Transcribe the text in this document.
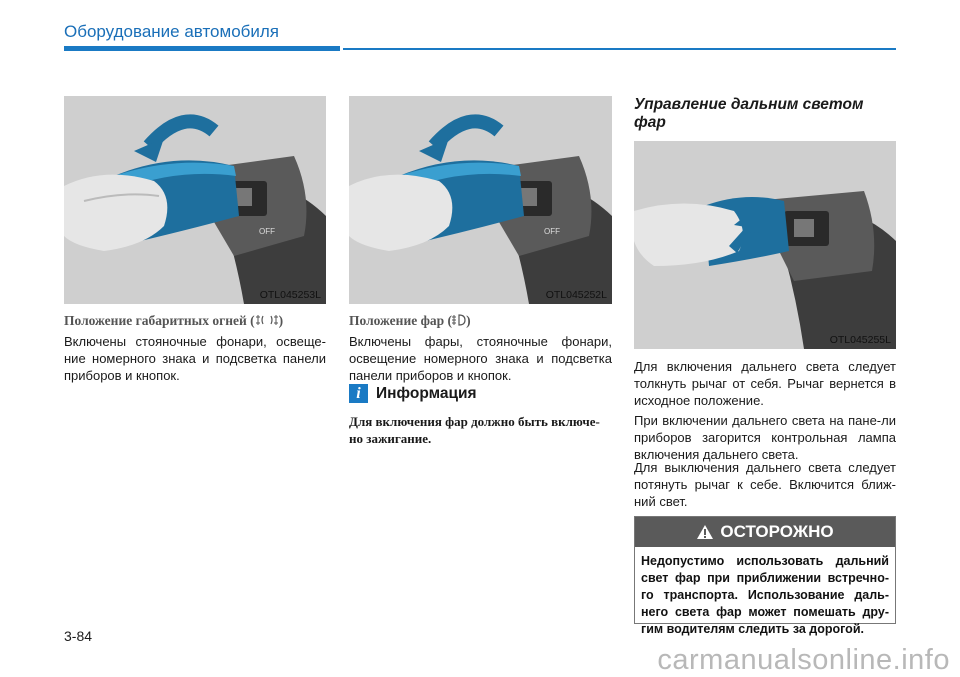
Оборудование автомобиля
OFF
OTL045253L
OFF
OTL045252L
OTL045255L
Положение габаритных огней ( )
Включены стояночные фонари, освеще-ние номерного знака и подсветка панели приборов и кнопок.
Положение фар ( )
Включены фары, стояночные фонари, освещение номерного знака и подсветка панели приборов и кнопок.
i Информация
Для включения фар должно быть включе-но зажигание.
Управление дальним светом фар
Для включения дальнего света следует толкнуть рычаг от себя. Рычаг вернется в исходное положение.
При включении дальнего света на пане-ли приборов загорится контрольная лампа включения дальнего света.
Для выключения дальнего света следует потянуть рычаг к себе. Включится ближ-ний свет.
ОСТОРОЖНО
Недопустимо использовать дальний свет фар при приближении встречно-го транспорта. Использование даль-него света фар может помешать дру-гим водителям следить за дорогой.
3-84
carmanualsonline.info
